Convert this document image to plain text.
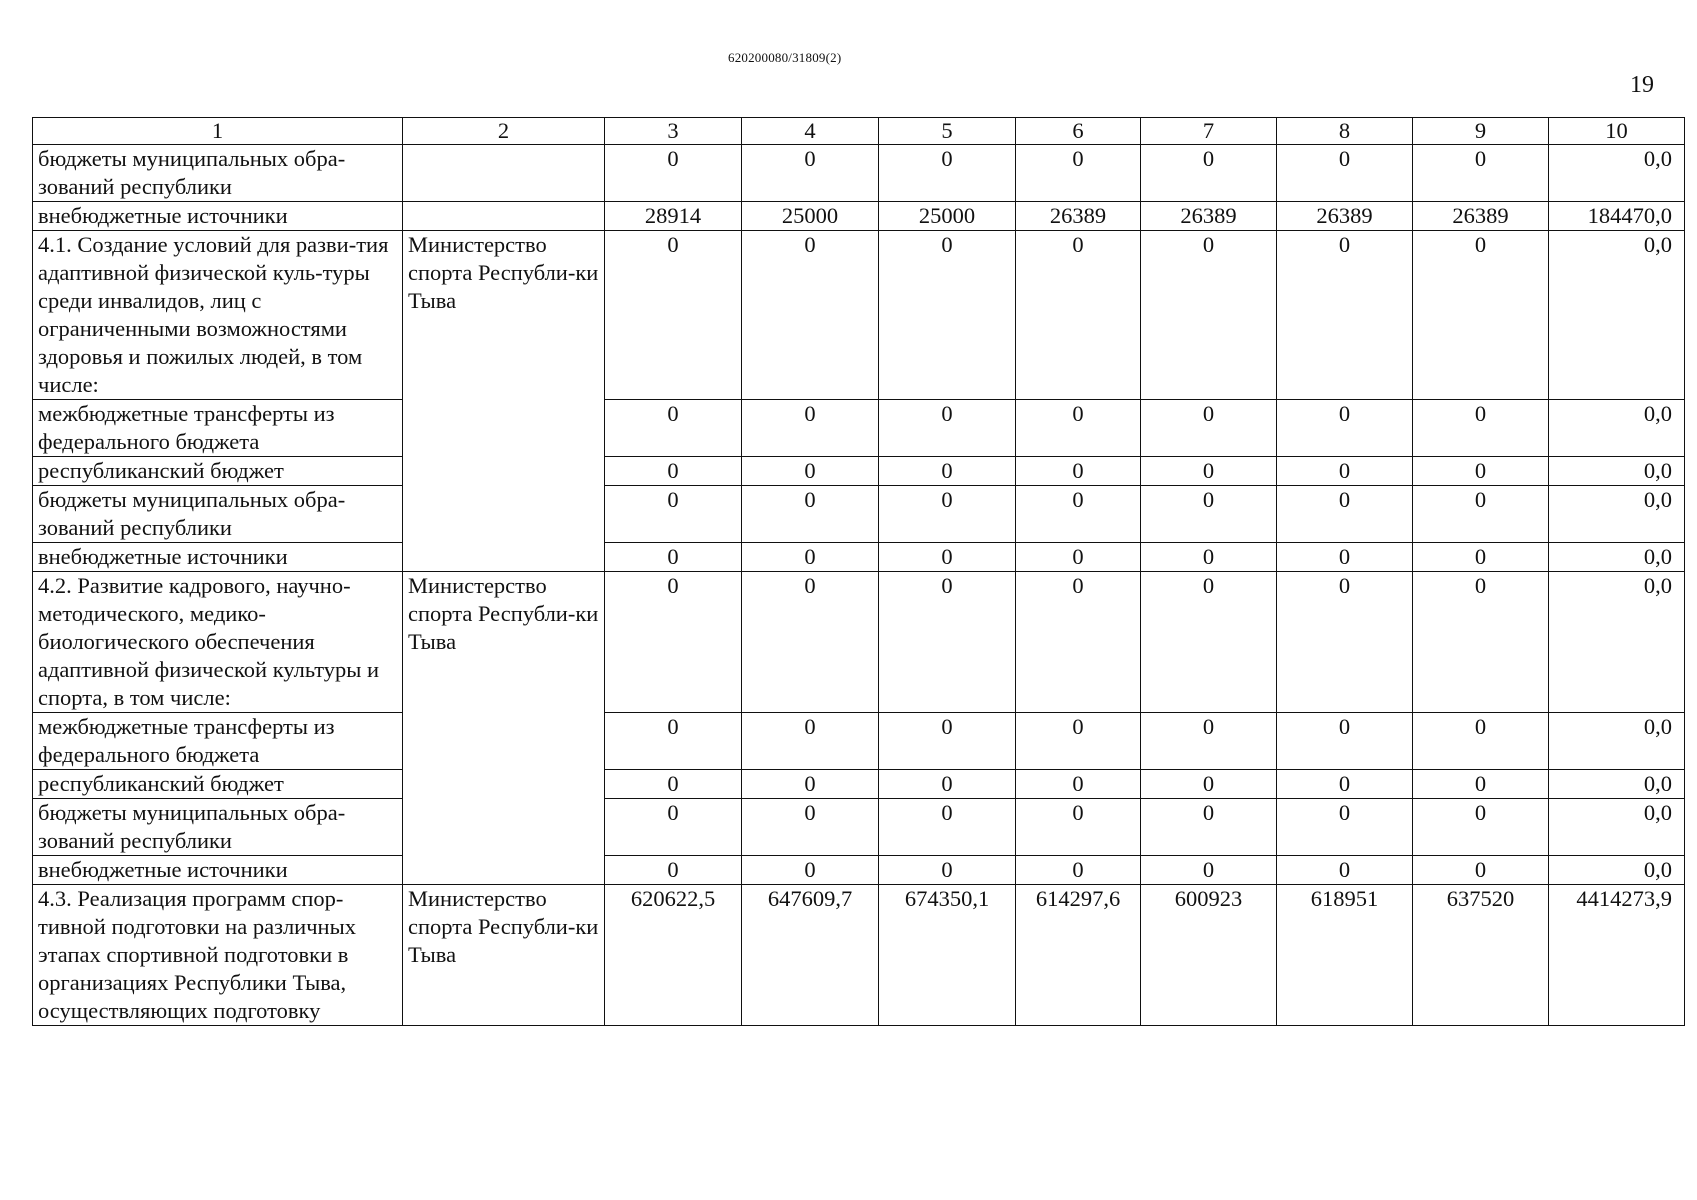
620200080/31809(2)
19
1	2	3	4	5	6	7	8	9	10
бюджеты муниципальных обра-зований республики		0	0	0	0	0	0	0	0,0
внебюджетные источники		28914	25000	25000	26389	26389	26389	26389	184470,0
4.1. Создание условий для разви-тия адаптивной физической куль-туры среди инвалидов, лиц с ограниченными возможностями здоровья и пожилых людей, в том числе:	Министерство спорта Республи-ки Тыва	0	0	0	0	0	0	0	0,0
межбюджетные трансферты из федерального бюджета		0	0	0	0	0	0	0	0,0
республиканский бюджет		0	0	0	0	0	0	0	0,0
бюджеты муниципальных обра-зований республики		0	0	0	0	0	0	0	0,0
внебюджетные источники		0	0	0	0	0	0	0	0,0
4.2. Развитие кадрового, научно-методического, медико-биологического обеспечения адаптивной физической культуры и спорта, в том числе:	Министерство спорта Республи-ки Тыва	0	0	0	0	0	0	0	0,0
межбюджетные трансферты из федерального бюджета		0	0	0	0	0	0	0	0,0
республиканский бюджет		0	0	0	0	0	0	0	0,0
бюджеты муниципальных обра-зований республики		0	0	0	0	0	0	0	0,0
внебюджетные источники		0	0	0	0	0	0	0	0,0
4.3. Реализация программ спор-тивной подготовки на различных этапах спортивной подготовки в организациях Республики Тыва, осуществляющих подготовку	Министерство спорта Республи-ки Тыва	620622,5	647609,7	674350,1	614297,6	600923	618951	637520	4414273,9
